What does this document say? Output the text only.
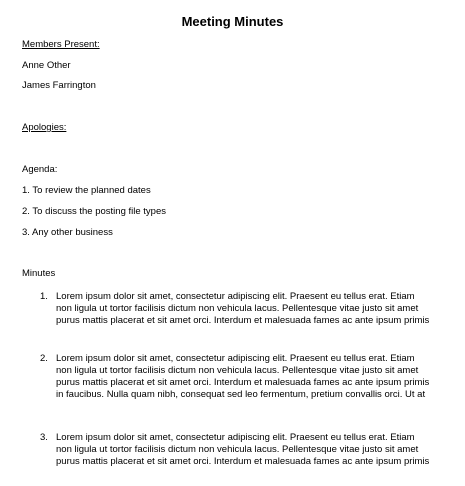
Meeting Minutes
Members Present:
Anne Other
James Farrington
Apologies:
Agenda:
1. To review the planned dates
2. To discuss the posting file types
3. Any other business
Minutes
1. Lorem ipsum dolor sit amet, consectetur adipiscing elit. Praesent eu tellus erat. Etiam
non ligula ut tortor facilisis dictum non vehicula lacus. Pellentesque vitae justo sit amet
purus mattis placerat et sit amet orci. Interdum et malesuada fames ac ante ipsum primis
2. Lorem ipsum dolor sit amet, consectetur adipiscing elit. Praesent eu tellus erat. Etiam
non ligula ut tortor facilisis dictum non vehicula lacus. Pellentesque vitae justo sit amet
purus mattis placerat et sit amet orci. Interdum et malesuada fames ac ante ipsum primis
in faucibus. Nulla quam nibh, consequat sed leo fermentum, pretium convallis orci. Ut at
3. Lorem ipsum dolor sit amet, consectetur adipiscing elit. Praesent eu tellus erat. Etiam
non ligula ut tortor facilisis dictum non vehicula lacus. Pellentesque vitae justo sit amet
purus mattis placerat et sit amet orci. Interdum et malesuada fames ac ante ipsum primis
